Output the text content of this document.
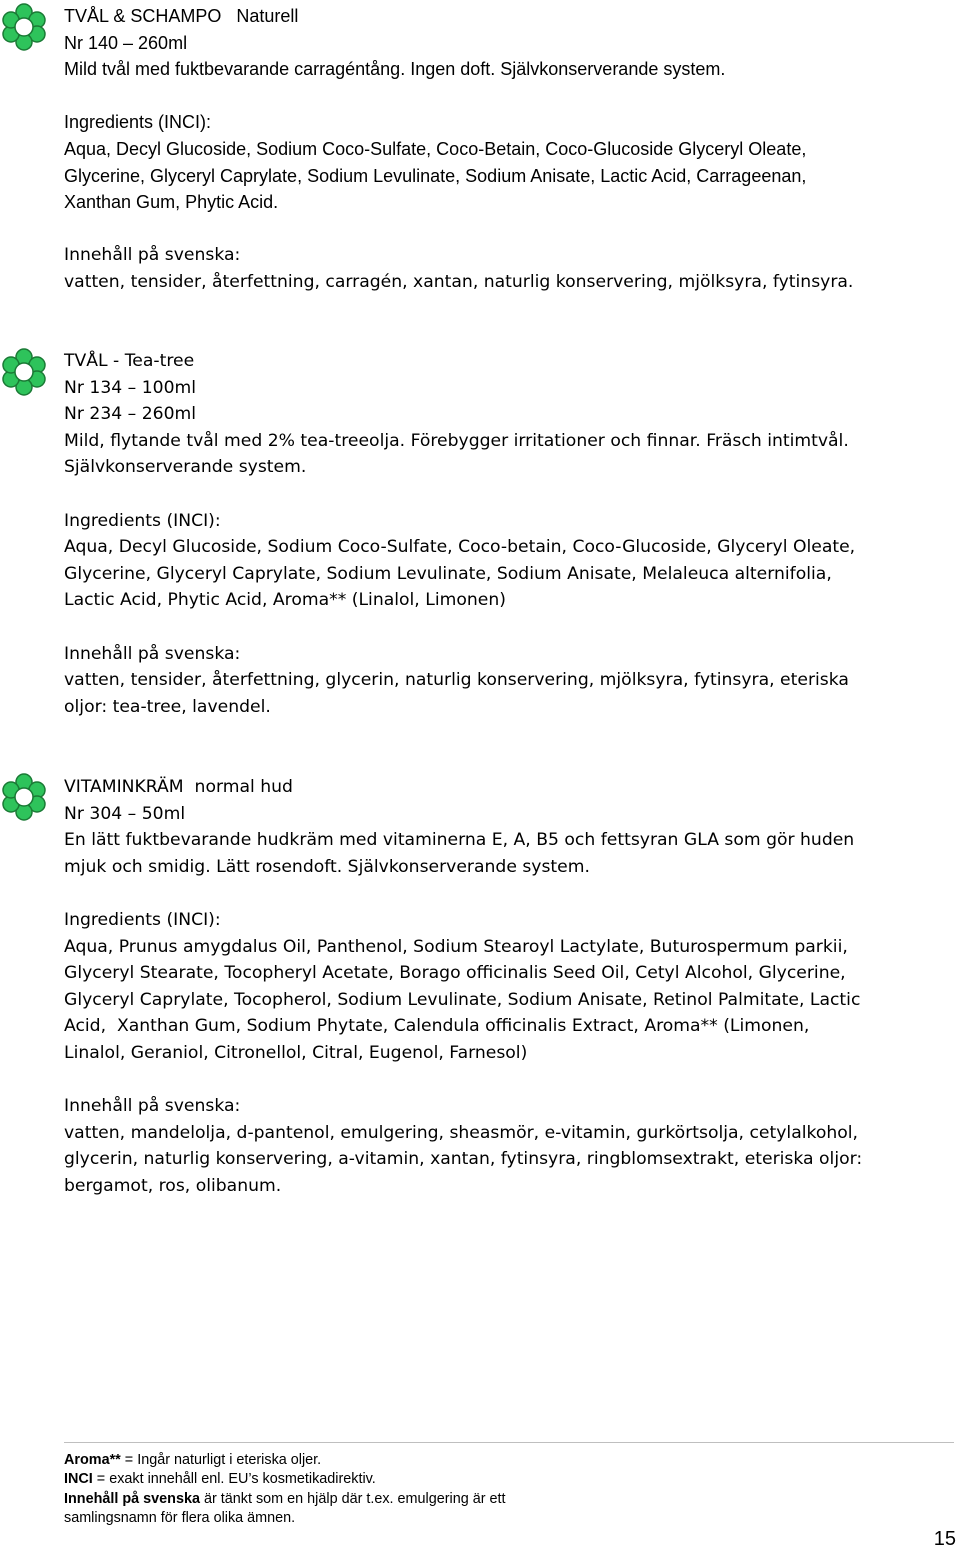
TVÅL & SCHAMPO Naturell
Nr 140 – 260ml
Mild tvål med fuktbevarande carragéntång. Ingen doft. Självkonserverande system.
Ingredients (INCI):
Aqua, Decyl Glucoside, Sodium Coco-Sulfate, Coco-Betain, Coco-Glucoside Glyceryl Oleate,
Glycerine, Glyceryl Caprylate, Sodium Levulinate, Sodium Anisate, Lactic Acid, Carrageenan,
Xanthan Gum, Phytic Acid.
Innehåll på svenska:
vatten, tensider, återfettning, carragén, xantan, naturlig konservering, mjölksyra, fytinsyra.
TVÅL - Tea-tree
Nr 134 – 100ml
Nr 234 – 260ml
Mild, flytande tvål med 2% tea-treeolja. Förebygger irritationer och finnar. Fräsch intimtvål.
Självkonserverande system.
Ingredients (INCI):
Aqua, Decyl Glucoside, Sodium Coco-Sulfate, Coco-betain, Coco-Glucoside, Glyceryl Oleate,
Glycerine, Glyceryl Caprylate, Sodium Levulinate, Sodium Anisate, Melaleuca alternifolia,
Lactic Acid, Phytic Acid, Aroma** (Linalol, Limonen)
Innehåll på svenska:
vatten, tensider, återfettning, glycerin, naturlig konservering, mjölksyra, fytinsyra, eteriska
oljor: tea-tree, lavendel.
VITAMINKRÄM normal hud
Nr 304 – 50ml
En lätt fuktbevarande hudkräm med vitaminerna E, A, B5 och fettsyran GLA som gör huden
mjuk och smidig. Lätt rosendoft. Självkonserverande system.
Ingredients (INCI):
Aqua, Prunus amygdalus Oil, Panthenol, Sodium Stearoyl Lactylate, Buturospermum parkii,
Glyceryl Stearate, Tocopheryl Acetate, Borago officinalis Seed Oil, Cetyl Alcohol, Glycerine,
Glyceryl Caprylate, Tocopherol, Sodium Levulinate, Sodium Anisate, Retinol Palmitate, Lactic
Acid,  Xanthan Gum, Sodium Phytate, Calendula officinalis Extract, Aroma** (Limonen,
Linalol, Geraniol, Citronellol, Citral, Eugenol, Farnesol)
Innehåll på svenska:
vatten, mandelolja, d-pantenol, emulgering, sheasmör, e-vitamin, gurkörtsolja, cetylalkohol,
glycerin, naturlig konservering, a-vitamin, xantan, fytinsyra, ringblomsextrakt, eteriska oljor:
bergamot, ros, olibanum.
Aroma** = Ingår naturligt i eteriska oljer.
INCI = exakt innehåll enl. EU’s kosmetikadirektiv.
Innehåll på svenska är tänkt som en hjälp där t.ex. emulgering är ett
samlingsnamn för flera olika ämnen.
15
